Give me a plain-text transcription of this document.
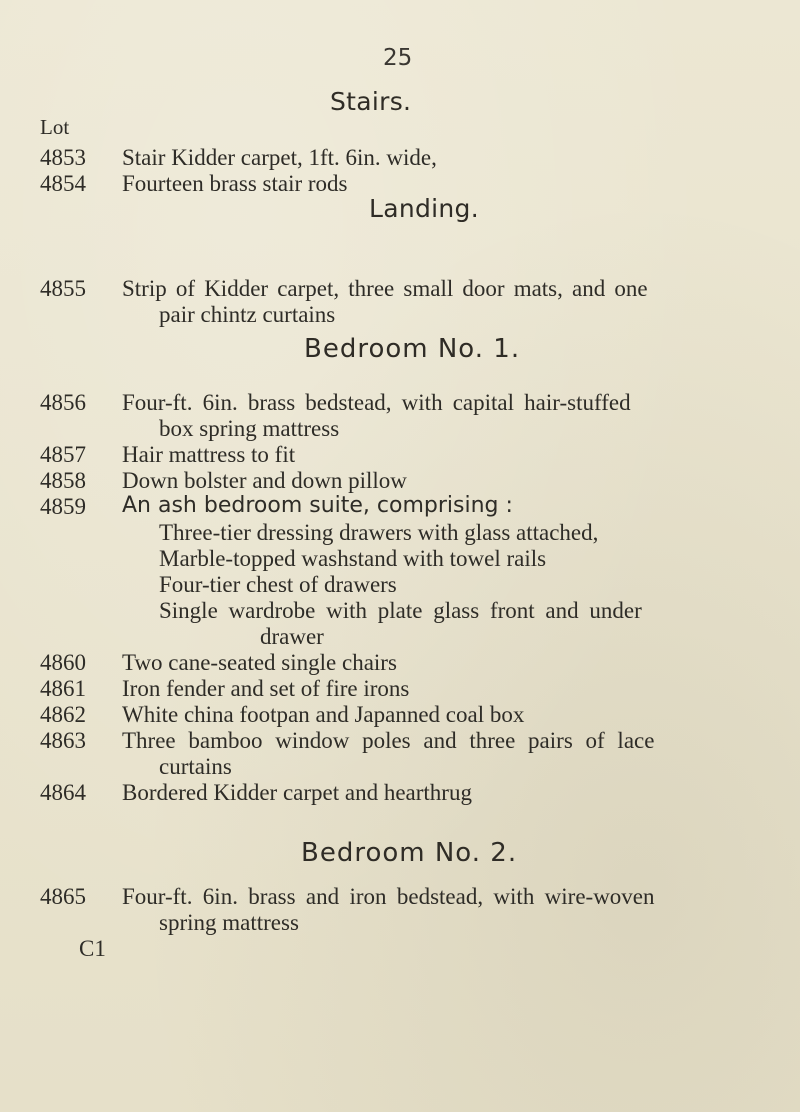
25
Stairs.
Lot
4853 Stair Kidder carpet, 1ft. 6in. wide,
4854 Fourteen brass stair rods
Landing.
4855 Strip of Kidder carpet, three small door mats, and one
pair chintz curtains
Bedroom No. 1.
4856 Four-ft. 6in. brass bedstead, with capital hair-stuffed
box spring mattress
4857 Hair mattress to fit
4858 Down bolster and down pillow
4859 An ash bedroom suite, comprising :
Three-tier dressing drawers with glass attached,
Marble-topped washstand with towel rails
Four-tier chest of drawers
Single wardrobe with plate glass front and under
drawer
4860 Two cane-seated single chairs
4861 Iron fender and set of fire irons
4862 White china footpan and Japanned coal box
4863 Three bamboo window poles and three pairs of lace
curtains
4864 Bordered Kidder carpet and hearthrug
Bedroom No. 2.
4865 Four-ft. 6in. brass and iron bedstead, with wire-woven
spring mattress
C1
